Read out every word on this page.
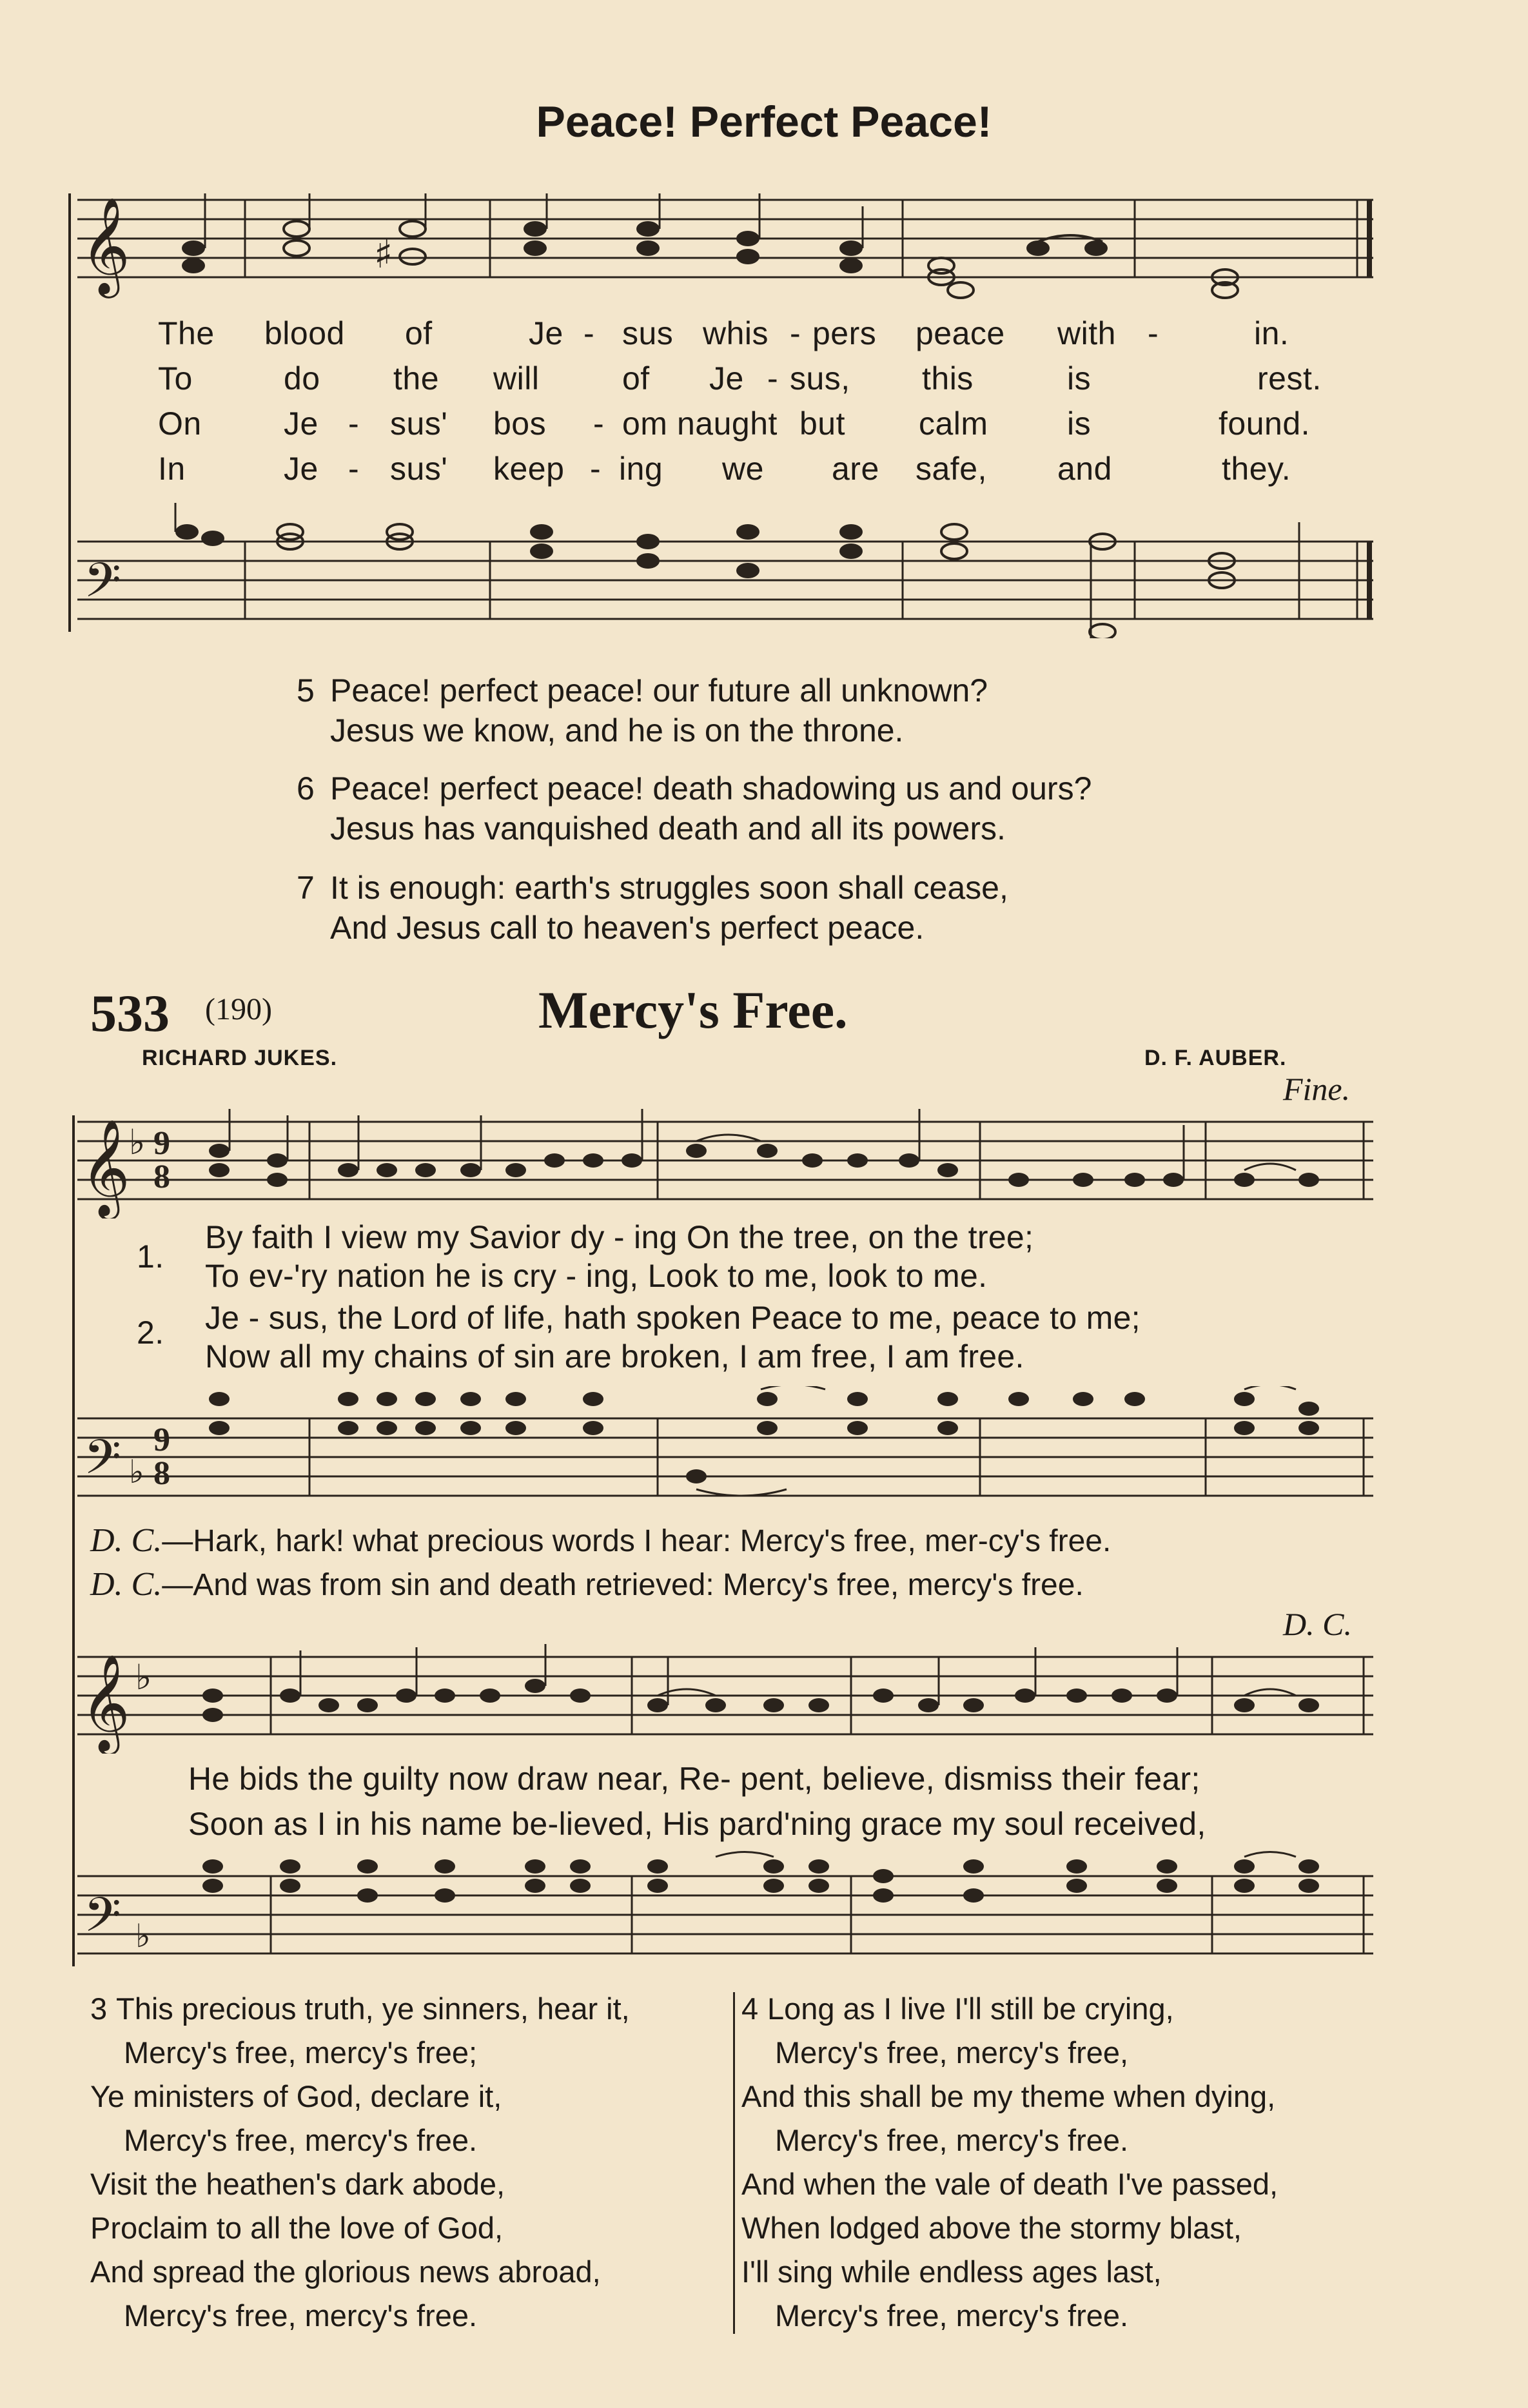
Peace! Perfect Peace!
𝄞	♯
The blood of	Je - sus whis - pers peace with -	in.
To	do the will	of Je - sus, this	is	rest.
On	Je - sus' bos - om naught but calm is	found.
In	Je - sus' keep - ing we are safe, and	they.
𝄢
5 Peace! perfect peace! our future all unknown?
Jesus we know, and he is on the throne.
6 Peace! perfect peace! death shadowing us and ours?
Jesus has vanquished death and all its powers.
7 It is enough: earth's struggles soon shall cease,
And Jesus call to heaven's perfect peace.
533 (190)	Mercy's Free.
RICHARD JUKES.	D. F. AUBER.
Fine.
𝄞
♭ 9
8
1.
2.
By faith I view my Savior dy - ing On the tree, on the tree;
To ev-'ry nation he is cry - ing, Look to me, look to me.
Je - sus, the Lord of life, hath spoken Peace to me, peace to me;
Now all my chains of sin are broken, I am free, I am free.
𝄢 9
♭ 8
D. C.—Hark, hark! what precious words I hear: Mercy's free, mer-cy's free.
D. C.—And was from sin and death retrieved: Mercy's free, mercy's free.
D. C.
𝄞 ♭
He bids the guilty now draw near, Re- pent, believe, dismiss their fear;
Soon as I in his name be-lieved, His pard'ning grace my soul received,
𝄢 ♭
3 This precious truth, ye sinners, hear it,
Mercy's free, mercy's free;
Ye ministers of God, declare it,
Mercy's free, mercy's free.
Visit the heathen's dark abode,
Proclaim to all the love of God,
And spread the glorious news abroad,
Mercy's free, mercy's free.
4 Long as I live I'll still be crying,
Mercy's free, mercy's free,
And this shall be my theme when dying,
Mercy's free, mercy's free.
And when the vale of death I've passed,
When lodged above the stormy blast,
I'll sing while endless ages last,
Mercy's free, mercy's free.
